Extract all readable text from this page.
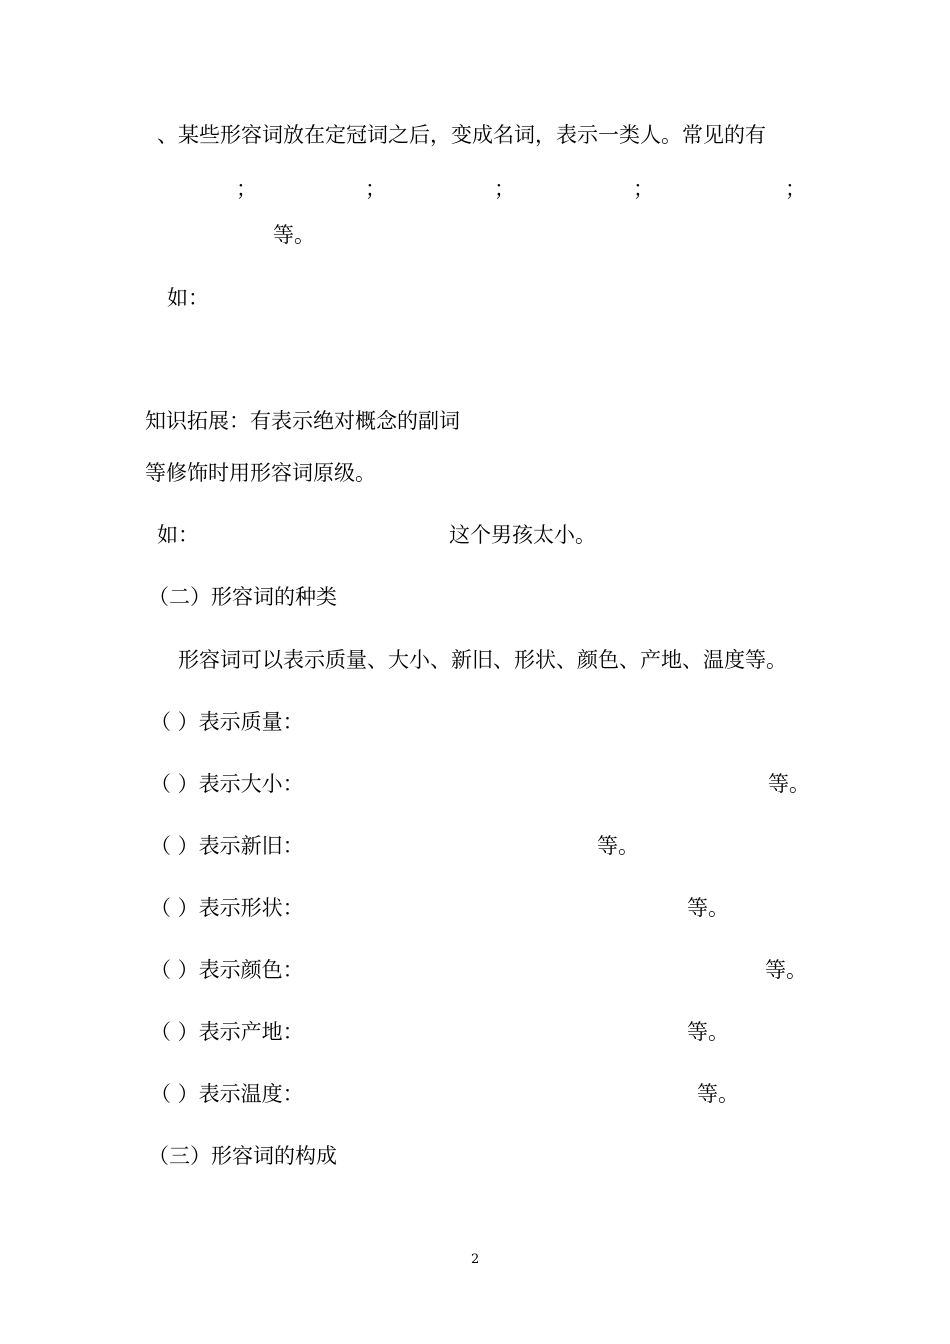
、某些形容词放在定冠词之后，变成名词，表示一类人。常见的有
；	；	；	；	；
等。
如：
知识拓展：有表示绝对概念的副词
等修饰时用形容词原级。
如：	这个男孩太小。
（二）形容词的种类
形容词可以表示质量、大小、新旧、形状、颜色、产地、温度等。
（ ）表示质量：
（ ）表示大小：	等。
（ ）表示新旧：	等。
（ ）表示形状：	等。
（ ）表示颜色：	等。
（ ）表示产地：	等。
（ ）表示温度：	等。
（三）形容词的构成
2
